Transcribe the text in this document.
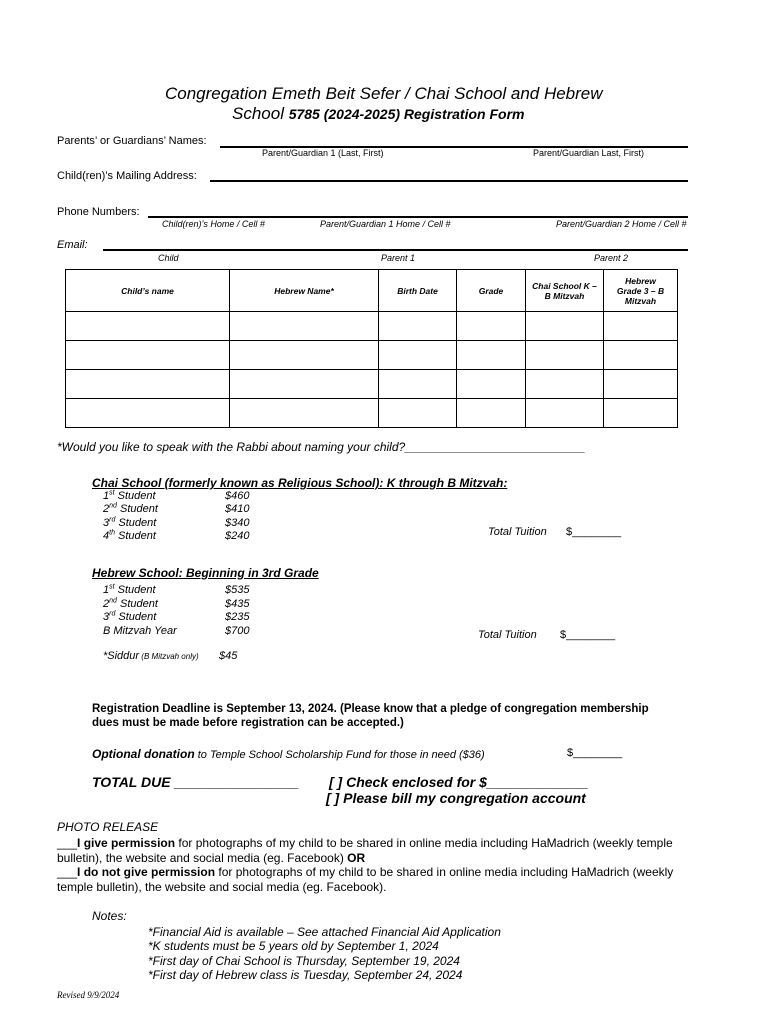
Congregation Emeth Beit Sefer / Chai School and Hebrew
School 5785 (2024-2025) Registration Form
Parents’ or Guardians’ Names:
Parent/Guardian 1 (Last, First)	Parent/Guardian Last, First)
Child(ren)’s Mailing Address:
Phone Numbers:
Child(ren)’s Home / Cell #	Parent/Guardian 1 Home / Cell #	Parent/Guardian 2 Home / Cell #
Email:
Child	Parent 1	Parent 2
Child’s name	Hebrew Name*	Birth Date	Grade	Chai School K – B Mitzvah	Hebrew Grade 3 – B Mitzvah

*Would you like to speak with the Rabbi about naming your child?___________________________
Chai School (formerly known as Religious School): K through B Mitzvah:
1st Student	$460
2nd Student	$410
3rd Student	$340
4th Student	$240	Total Tuition $________
Hebrew School: Beginning in 3rd Grade
1st Student	$535
2nd Student	$435
3rd Student	$235
B Mitzvah Year	$700	Total Tuition $________
*Siddur (B Mitzvah only) $45
Registration Deadline is September 13, 2024. (Please know that a pledge of congregation membership
dues must be made before registration can be accepted.)
Optional donation to Temple School Scholarship Fund for those in need ($36)	$________
TOTAL DUE ________________ [ ] Check enclosed for $_____________
[ ] Please bill my congregation account
PHOTO RELEASE
___I give permission for photographs of my child to be shared in online media including HaMadrich (weekly temple
bulletin), the website and social media (eg. Facebook) OR
___I do not give permission for photographs of my child to be shared in online media including HaMadrich (weekly
temple bulletin), the website and social media (eg. Facebook).
Notes:
*Financial Aid is available – See attached Financial Aid Application
*K students must be 5 years old by September 1, 2024
*First day of Chai School is Thursday, September 19, 2024
*First day of Hebrew class is Tuesday, September 24, 2024
Revised 9/9/2024
